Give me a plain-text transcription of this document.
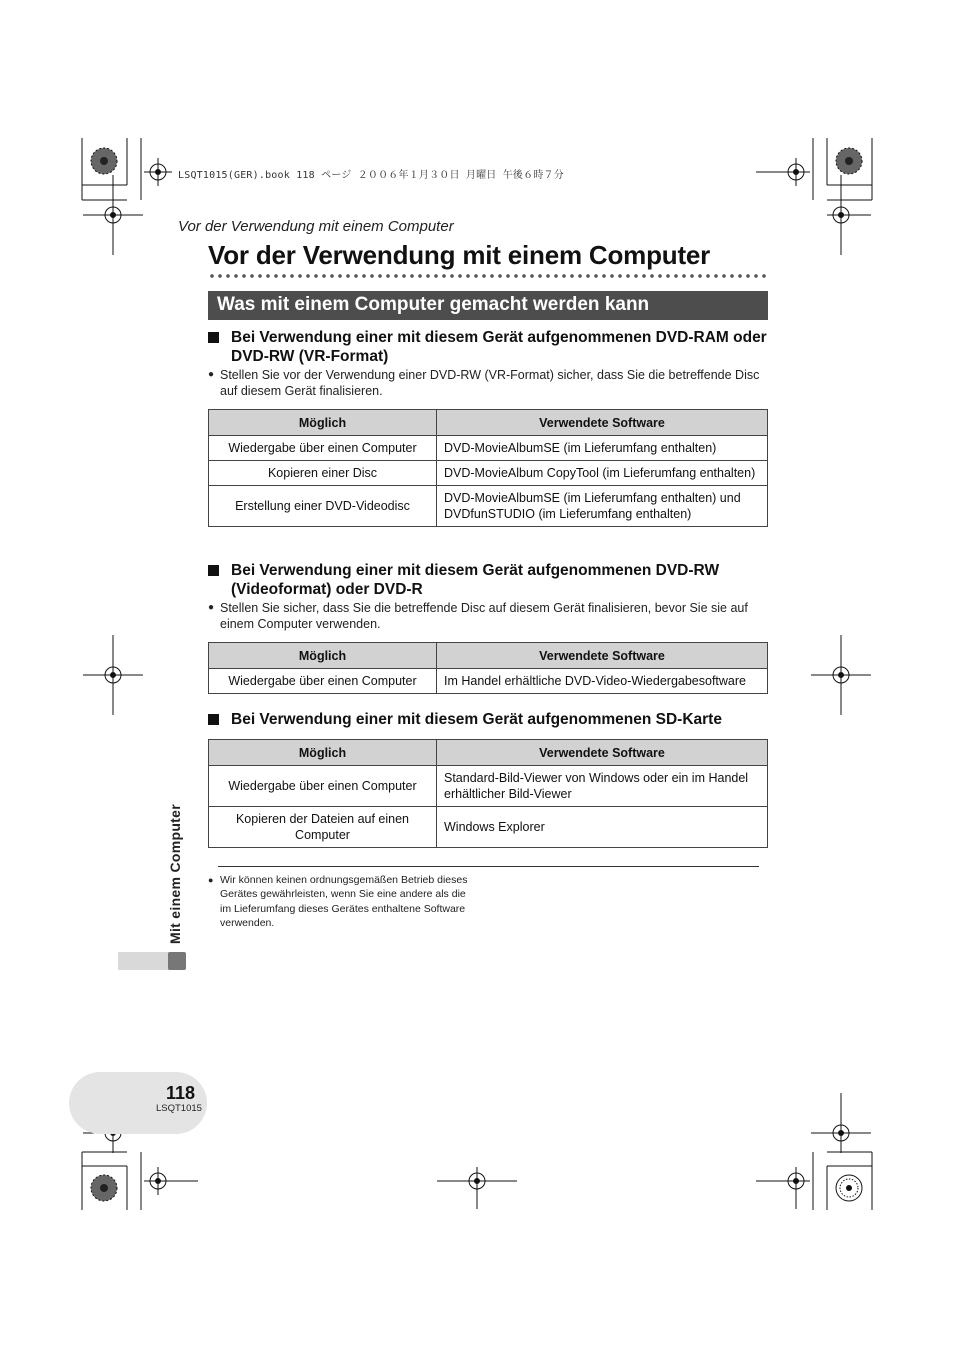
LSQT1015(GER).book 118 ページ ２００６年１月３０日 月曜日 午後６時７分
Vor der Verwendung mit einem Computer
Vor der Verwendung mit einem Computer
Was mit einem Computer gemacht werden kann
Bei Verwendung einer mit diesem Gerät aufgenommenen DVD-RAM oder DVD-RW (VR-Format)
● Stellen Sie vor der Verwendung einer DVD-RW (VR-Format) sicher, dass Sie die betreffende Disc auf diesem Gerät finalisieren.
Möglich	Verwendete Software
Wiedergabe über einen Computer	DVD-MovieAlbumSE (im Lieferumfang enthalten)
Kopieren einer Disc	DVD-MovieAlbum CopyTool (im Lieferumfang enthalten)
Erstellung einer DVD-Videodisc	DVD-MovieAlbumSE (im Lieferumfang enthalten) und DVDfunSTUDIO (im Lieferumfang enthalten)
Bei Verwendung einer mit diesem Gerät aufgenommenen DVD-RW (Videoformat) oder DVD-R
● Stellen Sie sicher, dass Sie die betreffende Disc auf diesem Gerät finalisieren, bevor Sie sie auf einem Computer verwenden.
Möglich	Verwendete Software
Wiedergabe über einen Computer	Im Handel erhältliche DVD-Video-Wiedergabesoftware
Bei Verwendung einer mit diesem Gerät aufgenommenen SD-Karte
Möglich	Verwendete Software
Wiedergabe über einen Computer	Standard-Bild-Viewer von Windows oder ein im Handel erhältlicher Bild-Viewer
Kopieren der Dateien auf einen Computer	Windows Explorer
● Wir können keinen ordnungsgemäßen Betrieb dieses Gerätes gewährleisten, wenn Sie eine andere als die im Lieferumfang dieses Gerätes enthaltene Software verwenden.
Mit einem Computer
118
LSQT1015
